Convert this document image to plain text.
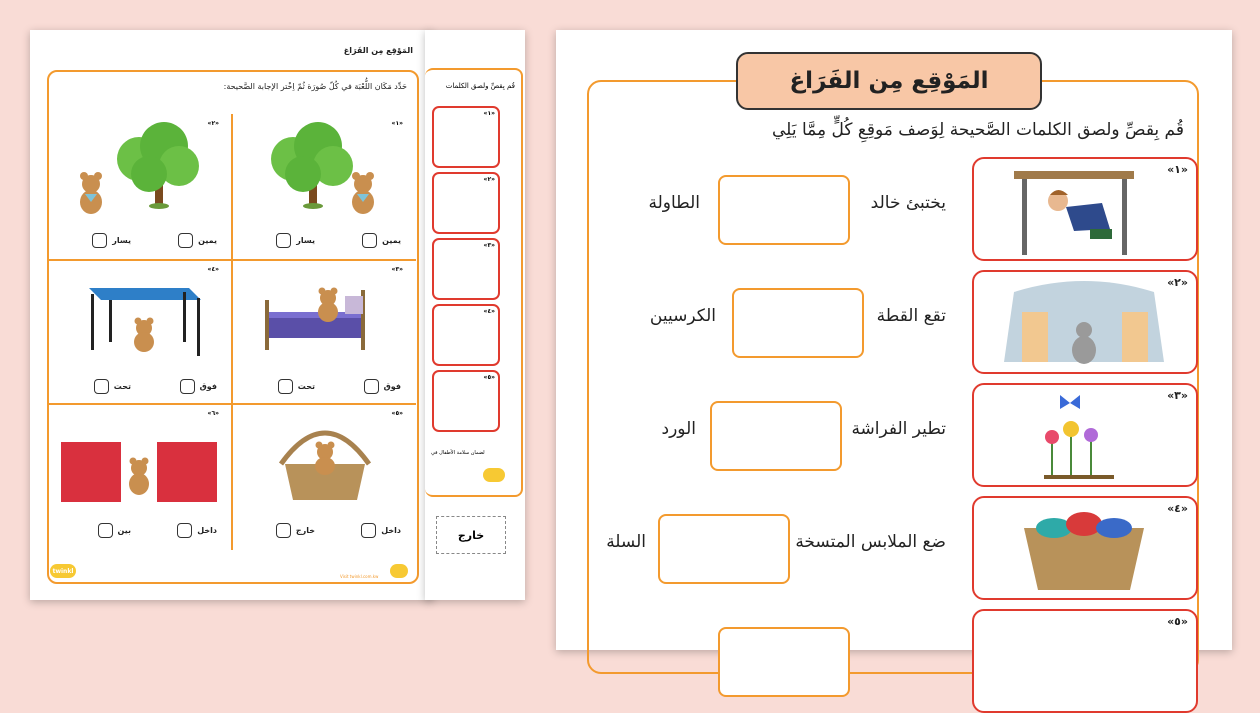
المَوْقِع مِن الفَرَاغ
حَدِّد مَكَان اللُّعْبَة في كُلّ صُورَة ثُمّ اِخْتر الإجابة الصَّحيحة:
«١»
يمين
يسار
«٢»
يمين
يسار
«٣»
فوق
تحت
«٤»
فوق
تحت
«٥»
داخل
خارج
«٦»
داخل
بين
twinkl
Visit twinkl.com.kw
قُم بِقصِّ ولصق الكلمات
«١»
«٢»
«٣»
«٤»
«٥»
لضمان سلامة الأطفال في
خارج
المَوْقِع مِن الفَرَاغ
قُم بِقصِّ ولصق الكلمات الصَّحيحة لِوَصف مَوقِعِ كُلٍّ مِمَّا يَلِي
«١»
يختبئ خالد
الطاولة
«٢»
تقع القطة
الكرسيين
«٣»
تطير الفراشة
الورد
«٤»
ضع الملابس المتسخة
السلة
«٥»
